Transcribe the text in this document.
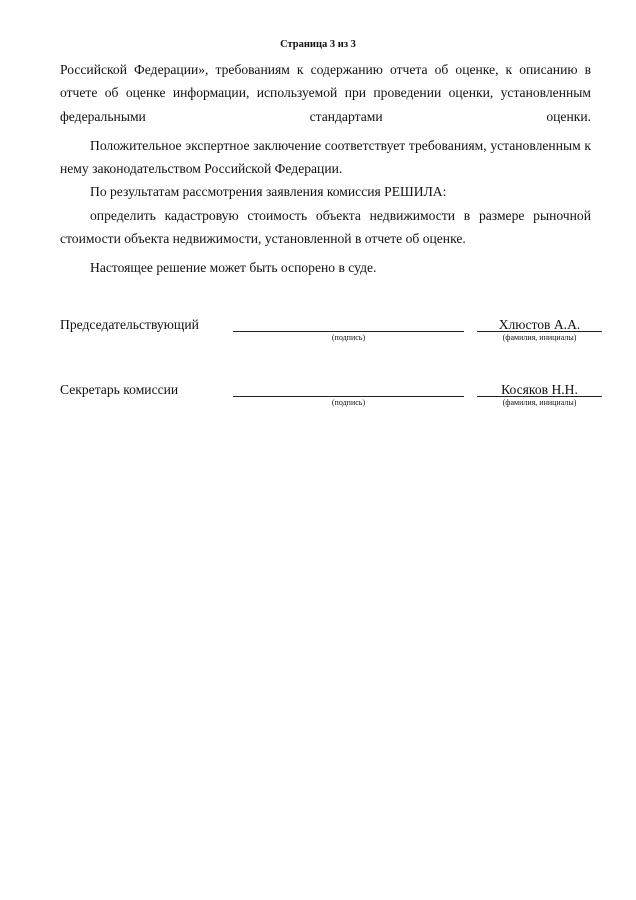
Страница 3 из 3

Российской Федерации», требованиям к содержанию отчета об оценке, к описанию в отчете об оценке информации, используемой при проведении оценки, установленным федеральными стандартами оценки.

Положительное экспертное заключение соответствует требованиям, установленным к нему законодательством Российской Федерации.

По результатам рассмотрения заявления комиссия РЕШИЛА:

определить кадастровую стоимость объекта недвижимости в размере рыночной стоимости объекта недвижимости, установленной в отчете об оценке.

Настоящее решение может быть оспорено в суде.

Председательствующий
(подпись)
Хлюстов А.А.
(фамилия, инициалы)
Секретарь комиссии
(подпись)
Косяков Н.Н.
(фамилия, инициалы)
